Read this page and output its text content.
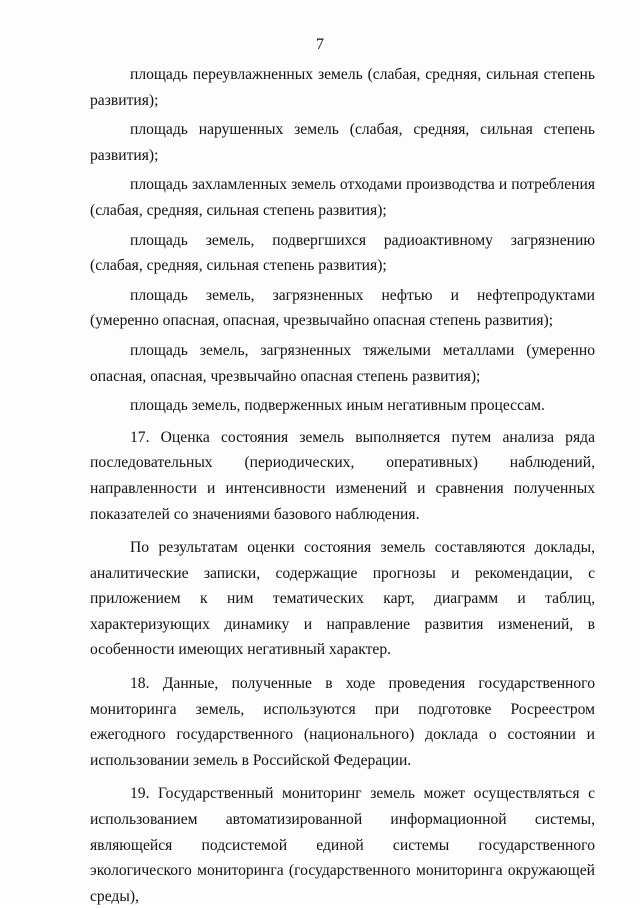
7

площадь переувлажненных земель (слабая, средняя, сильная степень развития);

площадь нарушенных земель (слабая, средняя, сильная степень развития);

площадь захламленных земель отходами производства и потребления (слабая, средняя, сильная степень развития);

площадь земель, подвергшихся радиоактивному загрязнению (слабая, средняя, сильная степень развития);

площадь земель, загрязненных нефтью и нефтепродуктами (умеренно опасная, опасная, чрезвычайно опасная степень развития);

площадь земель, загрязненных тяжелыми металлами (умеренно опасная, опасная, чрезвычайно опасная степень развития);

площадь земель, подверженных иным негативным процессам.

17. Оценка состояния земель выполняется путем анализа ряда последовательных (периодических, оперативных) наблюдений, направленности и интенсивности изменений и сравнения полученных показателей со значениями базового наблюдения.

По результатам оценки состояния земель составляются доклады, аналитические записки, содержащие прогнозы и рекомендации, с приложением к ним тематических карт, диаграмм и таблиц, характеризующих динамику и направление развития изменений, в особенности имеющих негативный характер.

18. Данные, полученные в ходе проведения государственного мониторинга земель, используются при подготовке Росреестром ежегодного государственного (национального) доклада о состоянии и использовании земель в Российской Федерации.

19. Государственный мониторинг земель может осуществляться с использованием автоматизированной информационной системы, являющейся подсистемой единой системы государственного экологического мониторинга (государственного мониторинга окружающей среды),
